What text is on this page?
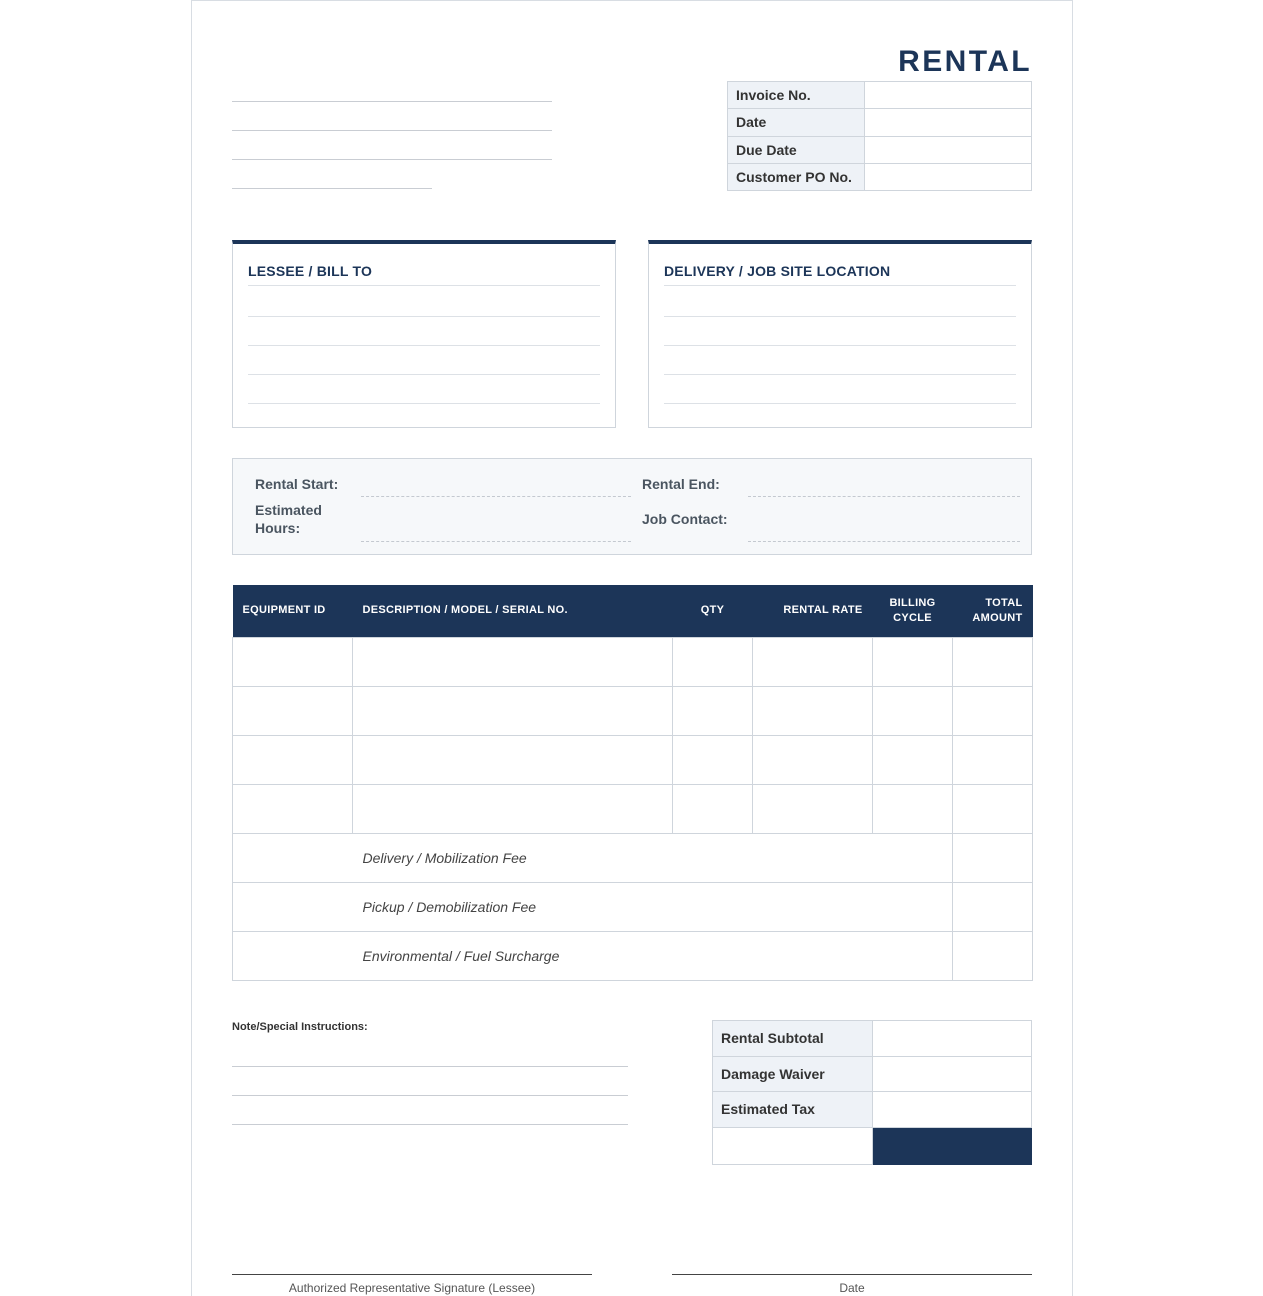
RENTAL
Invoice No.	
Date	
Due Date	
Customer PO No.	
LESSEE / BILL TO	DELIVERY / JOB SITE LOCATION
Rental Start:	Rental End:
Estimated Hours:
Job Contact:
EQUIPMENT ID	DESCRIPTION / MODEL / SERIAL NO.	QTY	RENTAL RATE	BILLING CYCLE	TOTAL AMOUNT

	Delivery / Mobilization Fee				
	Pickup / Demobilization Fee				
	Environmental / Fuel Surcharge				
Note/Special Instructions:
Rental Subtotal	
Damage Waiver	
Estimated Tax	

Authorized Representative Signature (Lessee)	Date
